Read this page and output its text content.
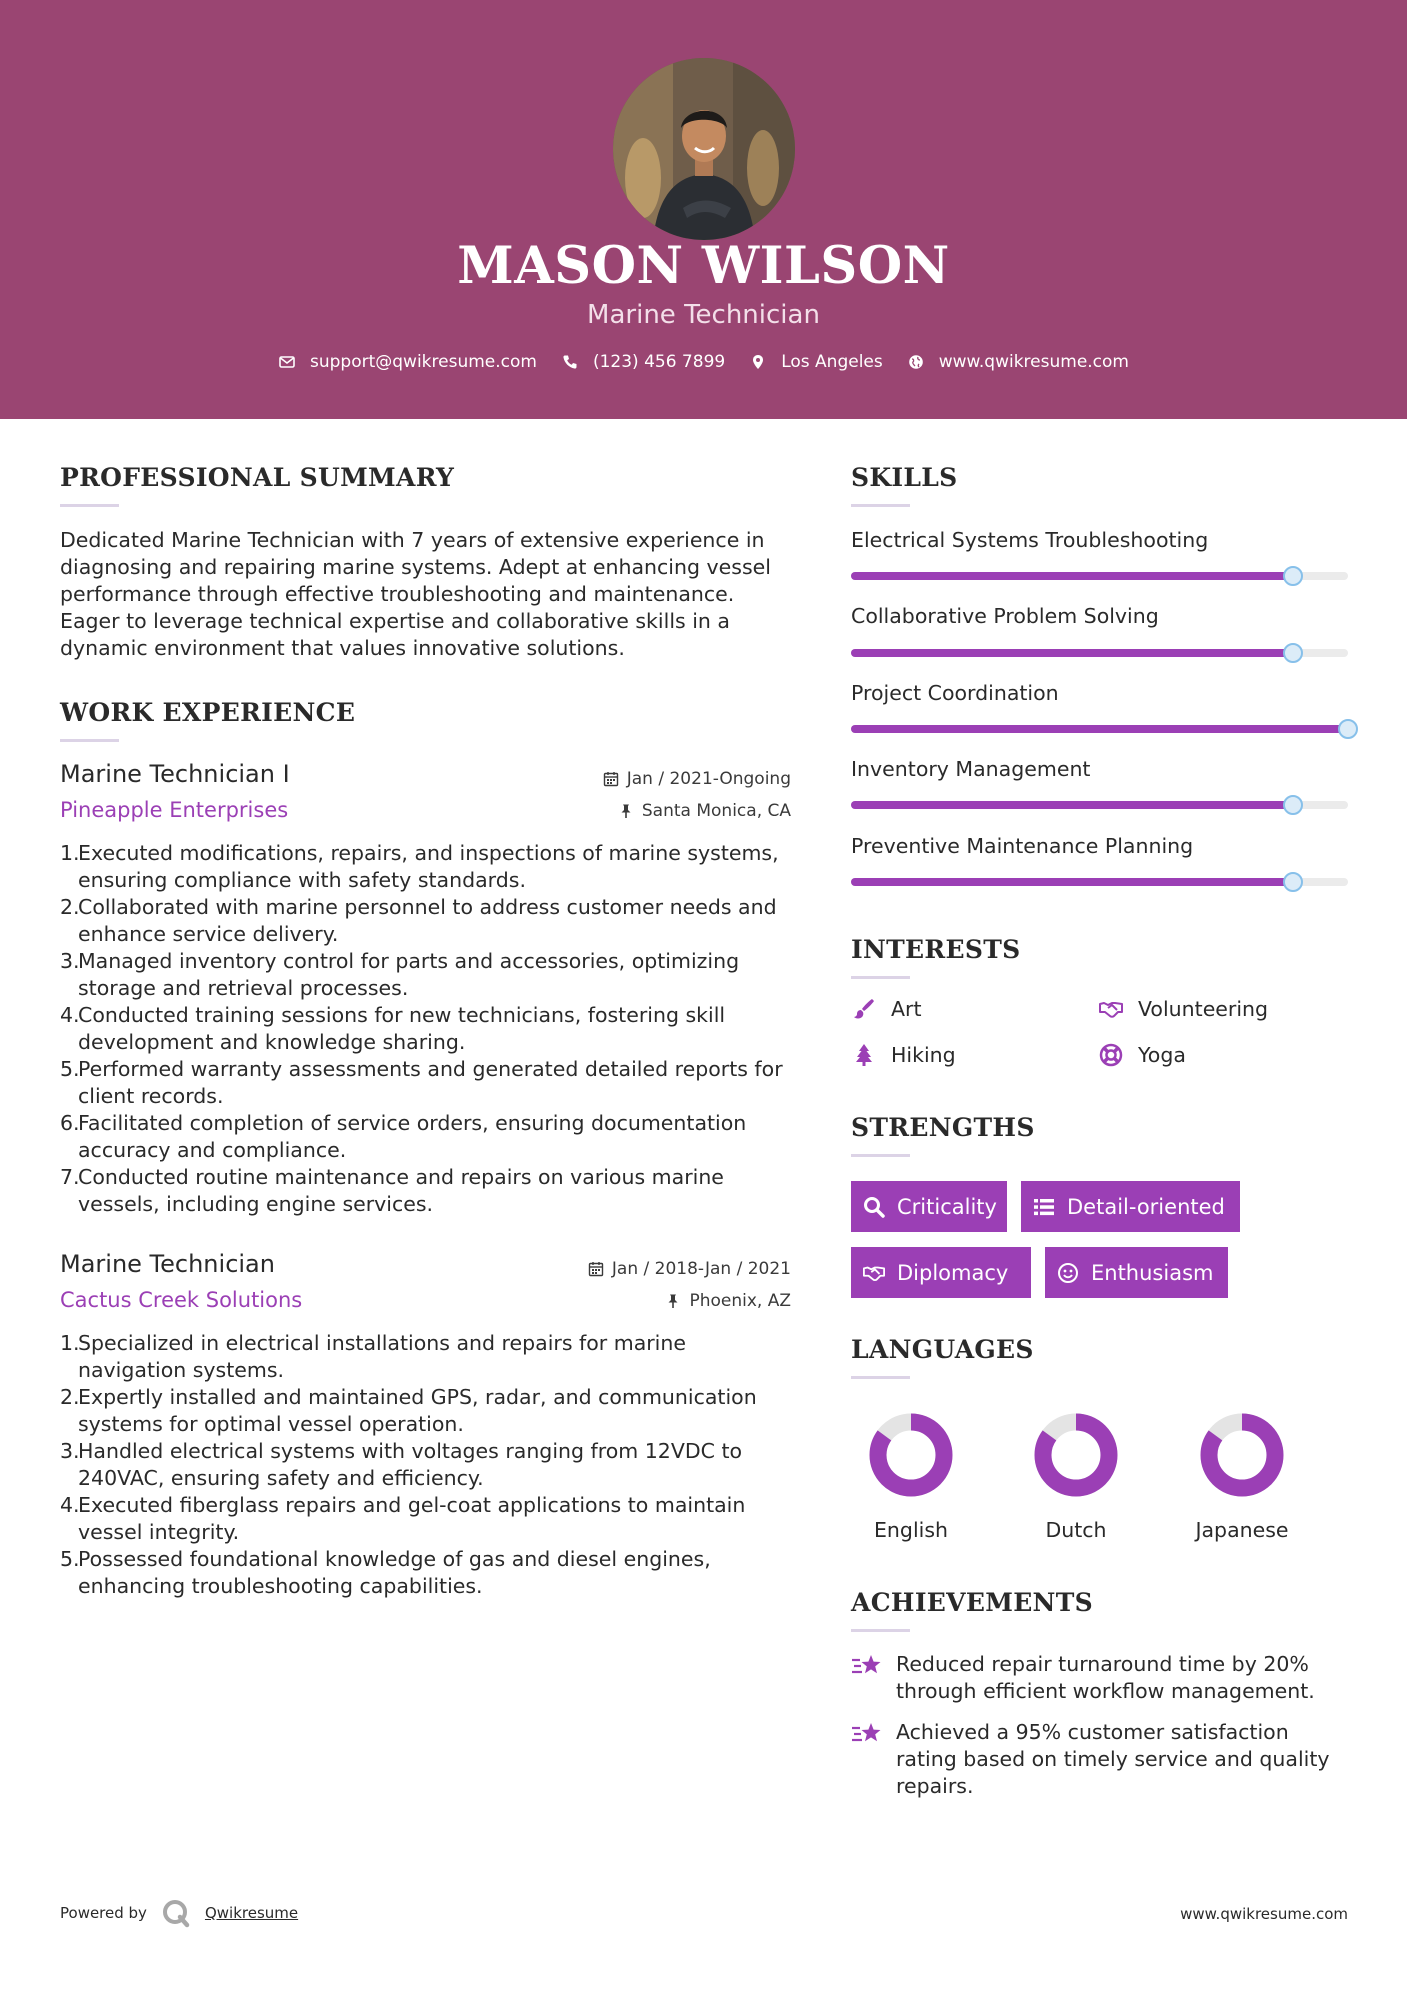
MASON WILSON
Marine Technician
support@qwikresume.com	(123) 456 7899	Los Angeles	www.qwikresume.com
PROFESSIONAL SUMMARY
Dedicated Marine Technician with 7 years of extensive experience in diagnosing and repairing marine systems. Adept at enhancing vessel performance through effective troubleshooting and maintenance. Eager to leverage technical expertise and collaborative skills in a dynamic environment that values innovative solutions.
WORK EXPERIENCE
Marine Technician I	Jan / 2021-Ongoing
Pineapple Enterprises	Santa Monica, CA
Executed modifications, repairs, and inspections of marine systems, ensuring compliance with safety standards.
Collaborated with marine personnel to address customer needs and enhance service delivery.
Managed inventory control for parts and accessories, optimizing storage and retrieval processes.
Conducted training sessions for new technicians, fostering skill development and knowledge sharing.
Performed warranty assessments and generated detailed reports for client records.
Facilitated completion of service orders, ensuring documentation accuracy and compliance.
Conducted routine maintenance and repairs on various marine vessels, including engine services.
Marine Technician	Jan / 2018-Jan / 2021
Cactus Creek Solutions	Phoenix, AZ
Specialized in electrical installations and repairs for marine navigation systems.
Expertly installed and maintained GPS, radar, and communication systems for optimal vessel operation.
Handled electrical systems with voltages ranging from 12VDC to 240VAC, ensuring safety and efficiency.
Executed fiberglass repairs and gel-coat applications to maintain vessel integrity.
Possessed foundational knowledge of gas and diesel engines, enhancing troubleshooting capabilities.
SKILLS
Electrical Systems Troubleshooting
Collaborative Problem Solving
Project Coordination
Inventory Management
Preventive Maintenance Planning
INTERESTS
Art	Volunteering
Hiking	Yoga
STRENGTHS
Criticality	Detail-oriented
Diplomacy	Enthusiasm
LANGUAGES
English	Dutch	Japanese
ACHIEVEMENTS
Reduced repair turnaround time by 20% through efficient workflow management.
Achieved a 95% customer satisfaction rating based on timely service and quality repairs.
Powered by	Qwikresume	www.qwikresume.com
